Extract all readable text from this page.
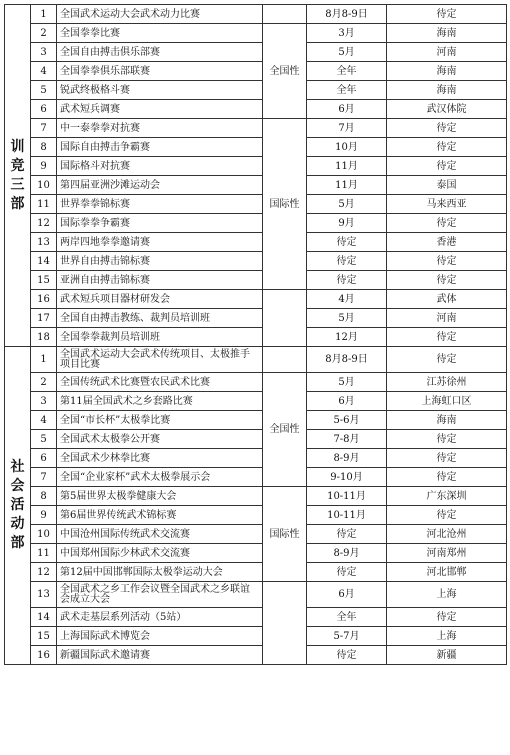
训竞三部	1	全国武术运动大会武术动力比赛		8月8-9日	待定
	2	全国拳拳比赛	全国性	3月	海南
	3	全国自由搏击俱乐部赛		5月	河南
	4	全国拳拳俱乐部联赛		全年	海南
	5	锐武终极格斗赛		全年	海南
	6	武术短兵调赛		6月	武汉体院
	7	中一泰拳拳对抗赛	国际性	7月	待定
	8	国际自由搏击争霸赛		10月	待定
	9	国际格斗对抗赛		11月	待定
	10	第四届亚洲沙滩运动会		11月	泰国
	11	世界拳拳锦标赛		5月	马来西亚
	12	国际拳拳争霸赛		9月	待定
	13	两岸四地拳拳邀请赛		待定	香港
	14	世界自由搏击锦标赛		待定	待定
	15	亚洲自由搏击锦标赛		待定	待定
	16	武术短兵项目器材研发会		4月	武体
	17	全国自由搏击教练、裁判员培训班		5月	河南
	18	全国拳拳裁判员培训班		12月	待定
社会活动部	1	全国武术运动大会武术传统项目、太极推手项目比赛		8月8-9日	待定
	2	全国传统武术比赛暨农民武术比赛	全国性	5月	江苏徐州
	3	第11届全国武术之乡套路比赛		6月	上海虹口区
	4	全国“市长杯”太极拳比赛		5-6月	海南
	5	全国武术太极拳公开赛		7-8月	待定
	6	全国武术少林拳比赛		8-9月	待定
	7	全国“企业家杯”武术太极拳展示会		9-10月	待定
	8	第5届世界太极拳健康大会	国际性	10-11月	广东深圳
	9	第6届世界传统武术锦标赛		10-11月	待定
	10	中国沧州国际传统武术交流赛		待定	河北沧州
	11	中国郑州国际少林武术交流赛		8-9月	河南郑州
	12	第12届中国邯郸国际太极拳运动大会		待定	河北邯郸
	13	全国武术之乡工作会议暨全国武术之乡联谊会成立大会		6月	上海
	14	武术走基层系列活动（5站）		全年	待定
	15	上海国际武术博览会		5-7月	上海
	16	新疆国际武术邀请赛		待定	新疆
